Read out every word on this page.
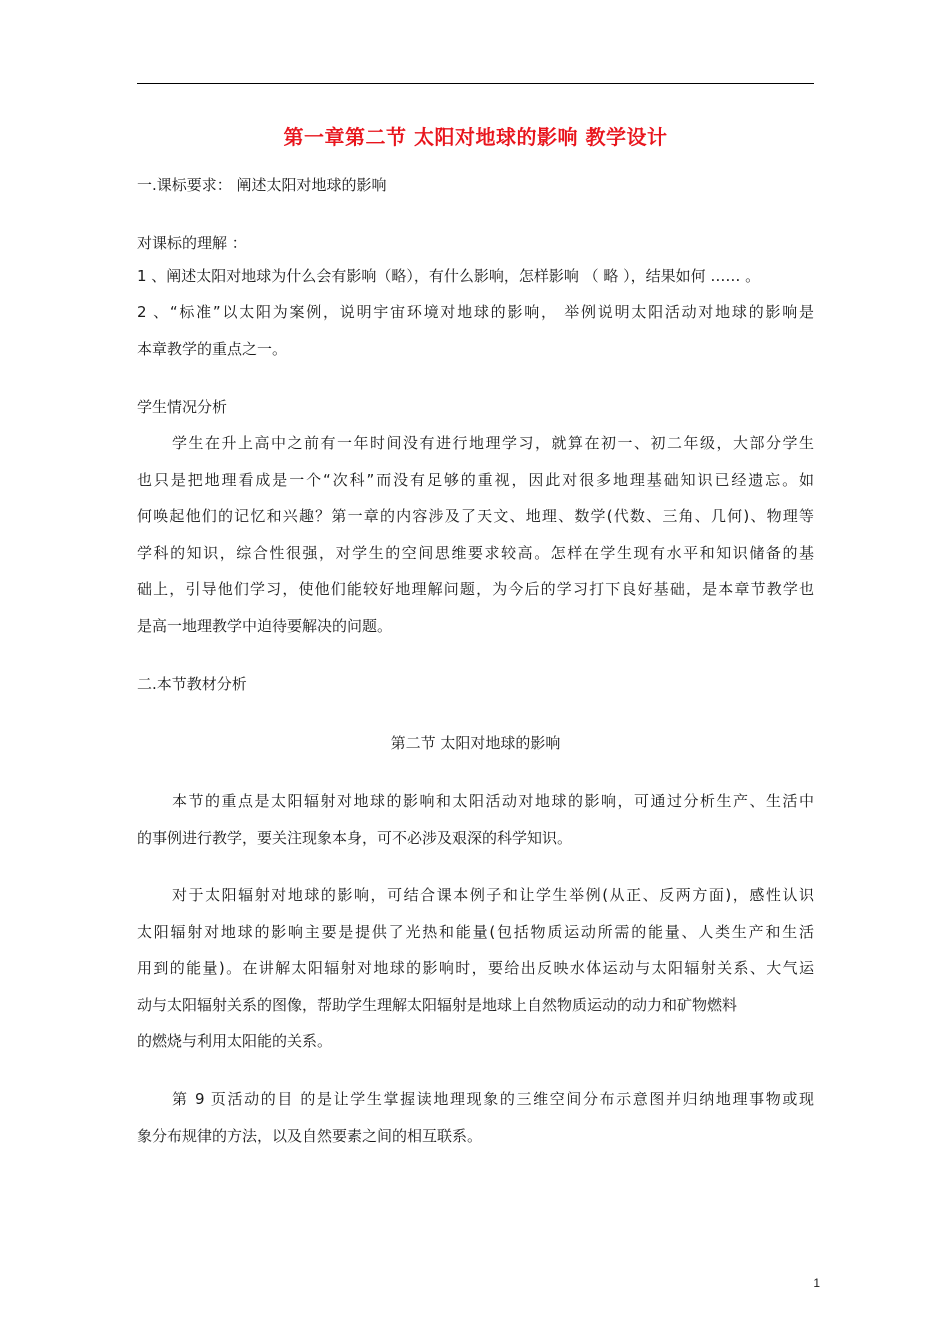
第一章第二节 太阳对地球的影响 教学设计
一.课标要求： 阐述太阳对地球的影响
对课标的理解 ：
1 、阐述太阳对地球为什么会有影响（略），有什么影响，怎样影响 （ 略 ），结果如何 …… 。
2 、“标准”以太阳为案例，说明宇宙环境对地球的影响， 举例说明太阳活动对地球的影响是
本章教学的重点之一。
学生情况分析
学生在升上高中之前有一年时间没有进行地理学习，就算在初一、初二年级，大部分学生
也只是把地理看成是一个“次科”而没有足够的重视，因此对很多地理基础知识已经遗忘。如
何唤起他们的记忆和兴趣？第一章的内容涉及了天文、地理、数学(代数、三角、几何)、物理等
学科的知识，综合性很强，对学生的空间思维要求较高。怎样在学生现有水平和知识储备的基
础上，引导他们学习，使他们能较好地理解问题，为今后的学习打下良好基础，是本章节教学也
是高一地理教学中迫待要解决的问题。
二.本节教材分析
第二节 太阳对地球的影响
本节的重点是太阳辐射对地球的影响和太阳活动对地球的影响，可通过分析生产、生活中
的事例进行教学，要关注现象本身，可不必涉及艰深的科学知识。
对于太阳辐射对地球的影响，可结合课本例子和让学生举例(从正、反两方面)，感性认识
太阳辐射对地球的影响主要是提供了光热和能量(包括物质运动所需的能量、人类生产和生活
用到的能量)。在讲解太阳辐射对地球的影响时，要给出反映水体运动与太阳辐射关系、大气运
动与太阳辐射关系的图像，帮助学生理解太阳辐射是地球上自然物质运动的动力和矿物燃料
的燃烧与利用太阳能的关系。
第 9 页活动的目 的是让学生掌握读地理现象的三维空间分布示意图并归纳地理事物或现
象分布规律的方法，以及自然要素之间的相互联系。
1
